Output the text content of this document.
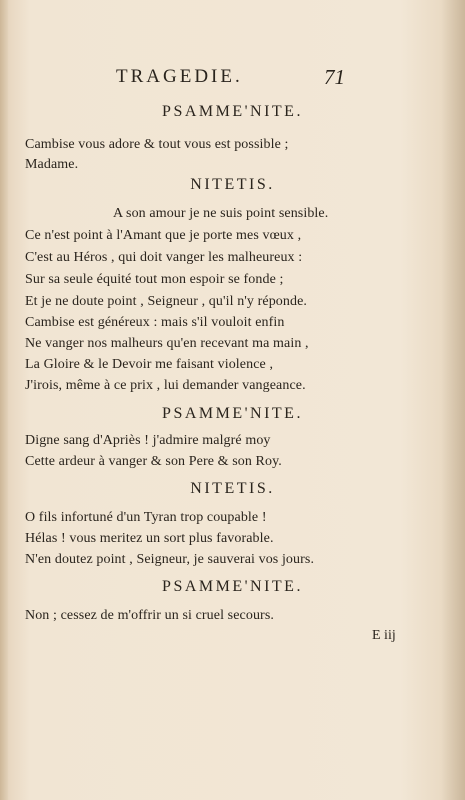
TRAGEDIE.	71
PSAMME'NITE.
Cambise vous adore & tout vous est possible ;
Madame.
NITETIS.
A son amour je ne suis point sensible.
Ce n'est point à l'Amant que je porte mes vœux ,
C'est au Héros , qui doit vanger les malheureux :
Sur sa seule équité tout mon espoir se fonde ;
Et je ne doute point , Seigneur , qu'il n'y réponde.
Cambise est généreux : mais s'il vouloit enfin
Ne vanger nos malheurs qu'en recevant ma main ,
La Gloire & le Devoir me faisant violence ,
J'irois, même à ce prix , lui demander vangeance.
PSAMME'NITE.
Digne sang d'Apriès ! j'admire malgré moy
Cette ardeur à vanger & son Pere & son Roy.
NITETIS.
O fils infortuné d'un Tyran trop coupable !
Hélas ! vous meritez un sort plus favorable.
N'en doutez point , Seigneur, je sauverai vos jours.
PSAMME'NITE.
Non ; cessez de m'offrir un si cruel secours.
E iij
